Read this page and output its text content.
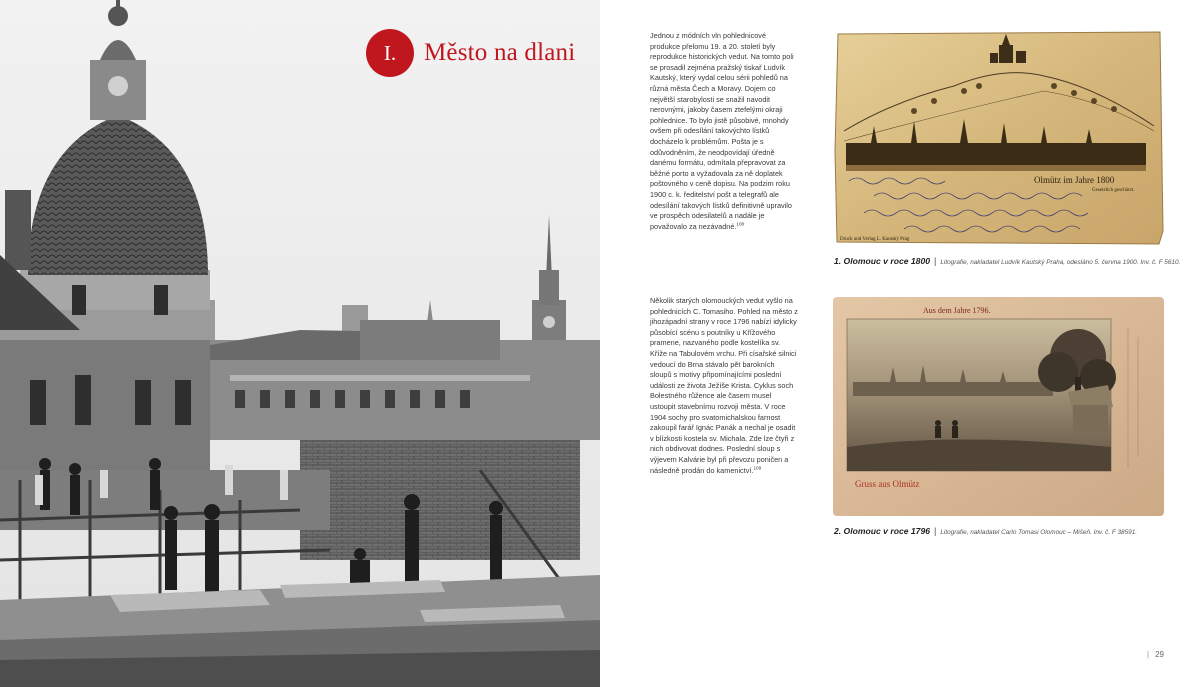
I.	Město na dlani

Jednou z módních vln pohlednicové produkce přelomu 19. a 20. století byly reprodukce historických vedut. Na tomto poli se prosadil zejména pražský tiskař Ludvík Kautský, který vydal celou sérii pohledů na různá města Čech a Moravy. Dojem co největší starobylosti se snažil navodit nerovnými, jakoby časem ztefelými okraji pohlednice. To bylo jistě působivé, mnohdy ovšem při odesílání takovýchto lístků docházelo k problémům. Pošta je s odůvodněním, že neodpovídají úředně danému formátu, odmítala přepravovat za běžné porto a vyžadovala za ně doplatek poštovného v ceně dopisu. Na podzim roku 1900 c. k. ředitelství pošt a telegrafů ale odesílání takových lístků definitivně upravilo ve prospěch odesilatelů a nadále je považovalo za nezávadné.$^{108}$

Několik starých olomouckých vedut vyšlo na pohlednicích C. Tomasiho. Pohled na město z jihozápadní strany v roce 1796 nabízí idylicky působící scénu s poutníky u Křížového pramene, nazvaného podle kostelíka sv. Kříže na Tabulovém vrchu. Při císařské silnici vedoucí do Brna stávalo pět barokních sloupů s motivy připomínajícími poslední události ze života Ježíše Krista. Cyklus soch Bolestného růžence ale časem musel ustoupit stavebnímu rozvoji města. V roce 1904 sochy pro svatomichalskou farnost zakoupil farář Ignác Panák a nechal je osadit v blízkosti kostela sv. Michala. Zde lze čtyři z nich obdivovat dodnes. Poslední sloup s výjevem Kalvárie byl při převozu poničen a následně prodán do kamenictví.$^{109}$

Olmütz im Jahre 1800
Gesetzlich geschützt.
Druck und Verlag L. Kautský Prag
1. Olomouc v roce 1800 | Litografie, nakladatel Ludvík Kautský Praha, odesláno 5. června 1900. Inv. č. F 5610.
Aus dem Jahre 1796.
Gruss aus Olmütz
2. Olomouc v roce 1796 | Litografie, nakladatel Carlo Tomasi Olomouc – Mišeň. Inv. č. F 38591.
| 29
